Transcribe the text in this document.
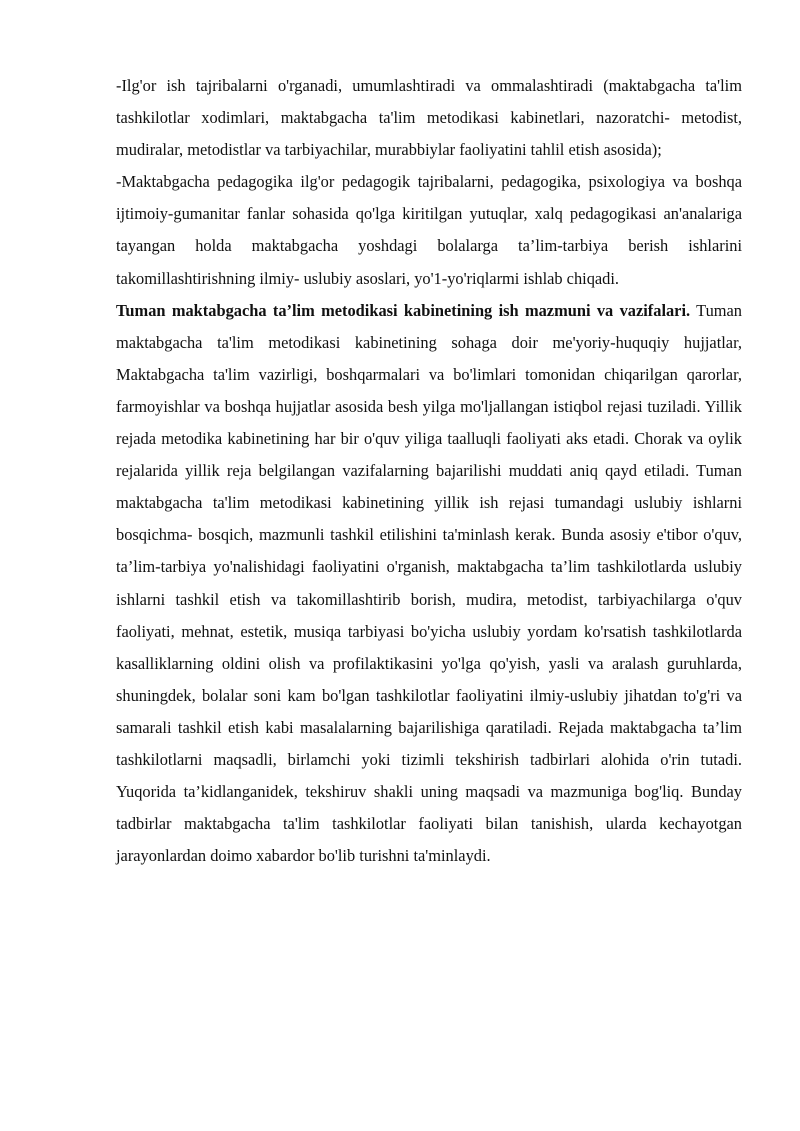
-Ilg'or ish tajribalarni o'rganadi, umumlashtiradi va ommalashtiradi (maktabgacha ta'lim tashkilotlar xodimlari, maktabgacha ta'lim metodikasi kabinetlari, nazoratchi- metodist, mudiralar, metodistlar va tarbiyachilar, murabbiylar faoliyatini tahlil etish asosida);

-Maktabgacha pedagogika ilg'or pedagogik tajribalarni, pedagogika, psixologiya va boshqa ijtimoiy-gumanitar fanlar sohasida qo'lga kiritilgan yutuqlar, xalq pedagogikasi an'analariga tayangan holda maktabgacha yoshdagi bolalarga ta’lim-tarbiya berish ishlarini takomillashtirishning ilmiy- uslubiy asoslari, yo'1-yo'riqlarmi ishlab chiqadi.

Tuman maktabgacha ta’lim metodikasi kabinetining ish mazmuni va vazifalari. Tuman maktabgacha ta'lim metodikasi kabinetining sohaga doir me'yoriy-huquqiy hujjatlar, Maktabgacha ta'lim vazirligi, boshqarmalari va bo'limlari tomonidan chiqarilgan qarorlar, farmoyishlar va boshqa hujjatlar asosida besh yilga mo'ljallangan istiqbol rejasi tuziladi. Yillik rejada metodika kabinetining har bir o'quv yiliga taalluqli faoliyati aks etadi. Chorak va oylik rejalarida yillik reja belgilangan vazifalarning bajarilishi muddati aniq qayd etiladi. Tuman maktabgacha ta'lim metodikasi kabinetining yillik ish rejasi tumandagi uslubiy ishlarni bosqichma- bosqich, mazmunli tashkil etilishini ta'minlash kerak. Bunda asosiy e'tibor o'quv, ta’lim-tarbiya yo'nalishidagi faoliyatini o'rganish, maktabgacha ta’lim tashkilotlarda uslubiy ishlarni tashkil etish va takomillashtirib borish, mudira, metodist, tarbiyachilarga o'quv faoliyati, mehnat, estetik, musiqa tarbiyasi bo'yicha uslubiy yordam ko'rsatish tashkilotlarda kasalliklarning oldini olish va profilaktikasini yo'lga qo'yish, yasli va aralash guruhlarda, shuningdek, bolalar soni kam bo'lgan tashkilotlar faoliyatini ilmiy-uslubiy jihatdan to'g'ri va samarali tashkil etish kabi masalalarning bajarilishiga qaratiladi. Rejada maktabgacha ta’lim tashkilotlarni maqsadli, birlamchi yoki tizimli tekshirish tadbirlari alohida o'rin tutadi. Yuqorida ta’kidlanganidek, tekshiruv shakli uning maqsadi va mazmuniga bog'liq. Bunday tadbirlar maktabgacha ta'lim tashkilotlar faoliyati bilan tanishish, ularda kechayotgan jarayonlardan doimo xabardor bo'lib turishni ta'minlaydi.
